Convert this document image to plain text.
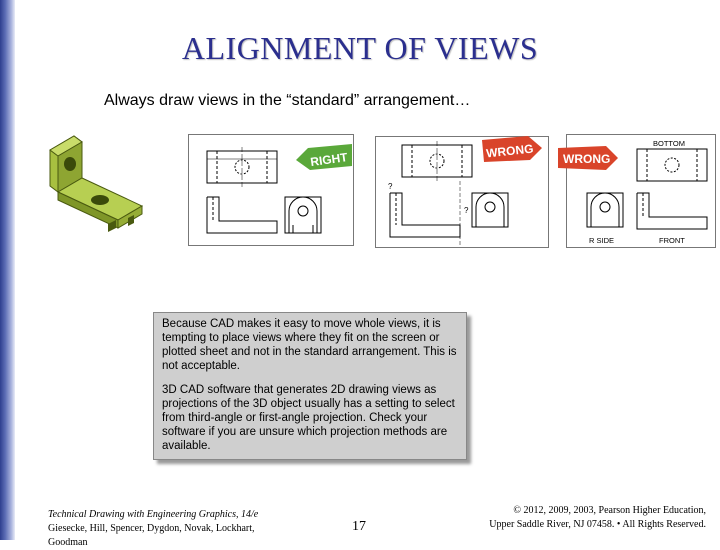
ALIGNMENT OF VIEWS
Always draw views in the “standard” arrangement…
RIGHT
?
?
WRONG	BOTTOM
R SIDE	FRONT
WRONG

Because CAD makes it easy to move whole views, it is tempting to place views where they fit on the screen or plotted sheet and not in the standard arrangement. This is not acceptable.

3D CAD software that generates 2D drawing views as projections of the 3D object usually has a setting to select from third-angle or first-angle projection. Check your software if you are unsure which projection methods are available.

Technical Drawing with Engineering Graphics, 14/e
Giesecke, Hill, Spencer, Dygdon, Novak, Lockhart, Goodman
17
© 2012, 2009, 2003, Pearson Higher Education,
Upper Saddle River, NJ 07458. • All Rights Reserved.
